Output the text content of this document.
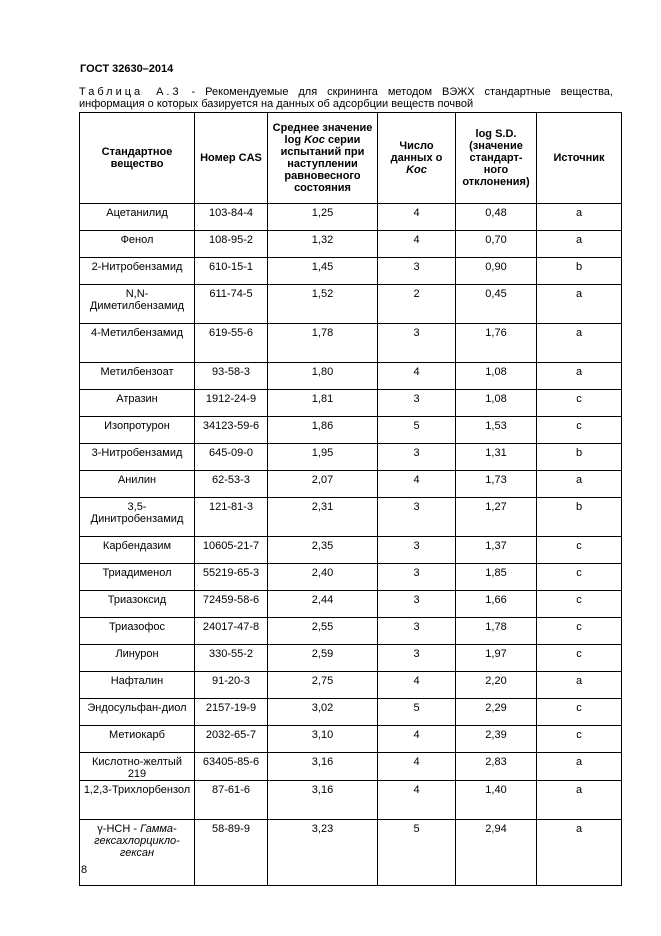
ГОСТ 32630–2014
Таблица А.3 - Рекомендуемые для скрининга методом ВЭЖХ стандартные вещества, информация о которых базируется на данных об адсорбции веществ почвой
Стандартное вещество	Номер CAS	Среднее значение log Koc серии испытаний при наступлении равновесного состояния	Число данных о Koc	log S.D. (значение стандарт-ного отклонения)	Источник
Ацетанилид	103-84-4	1,25	4	0,48	a
Фенол	108-95-2	1,32	4	0,70	a
2-Нитробензамид	610-15-1	1,45	3	0,90	b
N,N-Диметилбензамид	611-74-5	1,52	2	0,45	a
4-Метилбензамид	619-55-6	1,78	3	1,76	a
Метилбензоат	93-58-3	1,80	4	1,08	a
Атразин	1912-24-9	1,81	3	1,08	c
Изопротурон	34123-59-6	1,86	5	1,53	c
3-Нитробензамид	645-09-0	1,95	3	1,31	b
Анилин	62-53-3	2,07	4	1,73	a
3,5-Динитробензамид	121-81-3	2,31	3	1,27	b
Карбендазим	10605-21-7	2,35	3	1,37	c
Триадименол	55219-65-3	2,40	3	1,85	c
Триазоксид	72459-58-6	2,44	3	1,66	c
Триазофос	24017-47-8	2,55	3	1,78	c
Линурон	330-55-2	2,59	3	1,97	c
Нафталин	91-20-3	2,75	4	2,20	a
Эндосульфан-диол	2157-19-9	3,02	5	2,29	c
Метиокарб	2032-65-7	3,10	4	2,39	c
Кислотно-желтый 219	63405-85-6	3,16	4	2,83	a
1,2,3-Трихлорбензол	87-61-6	3,16	4	1,40	a
γ-HCH - Гамма-гексахлорцикло-гексан	58-89-9	3,23	5	2,94	a
8
